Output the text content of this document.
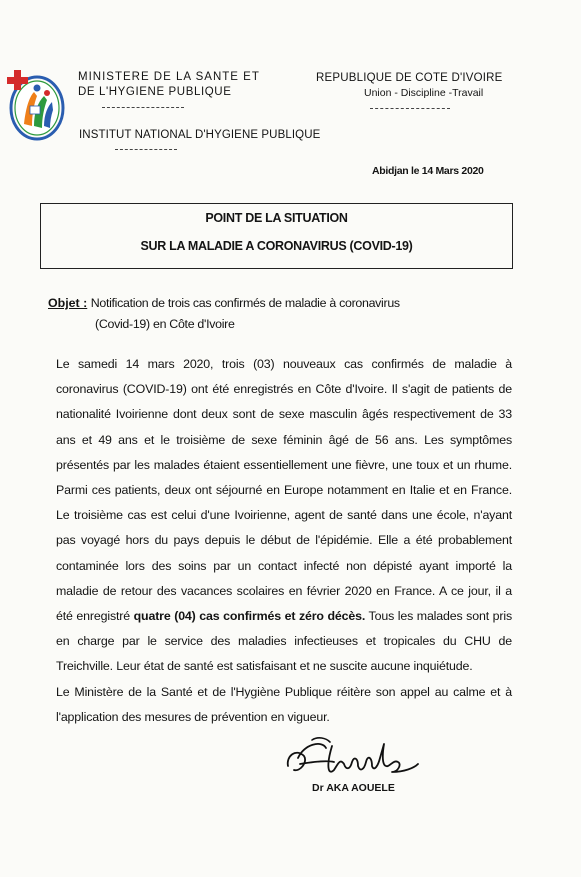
MINISTERE DE LA SANTE ET
DE L'HYGIENE PUBLIQUE
INSTITUT NATIONAL D'HYGIENE PUBLIQUE
REPUBLIQUE DE COTE D'IVOIRE
Union - Discipline -Travail
Abidjan le 14 Mars 2020
POINT DE LA SITUATION
SUR LA MALADIE A CORONAVIRUS (COVID-19)
Objet : Notification de trois cas confirmés de maladie à coronavirus
(Covid-19) en Côte d'Ivoire

Le samedi 14 mars 2020, trois (03) nouveaux cas confirmés de maladie à coronavirus (COVID-19) ont été enregistrés en Côte d'Ivoire. Il s'agit de patients de nationalité Ivoirienne dont deux sont de sexe masculin âgés respectivement de 33 ans et 49 ans et le troisième de sexe féminin âgé de 56 ans. Les symptômes présentés par les malades étaient essentiellement une fièvre, une toux et un rhume. Parmi ces patients, deux ont séjourné en Europe notamment en Italie et en France. Le troisième cas est celui d'une Ivoirienne, agent de santé dans une école, n'ayant pas voyagé hors du pays depuis le début de l'épidémie. Elle a été probablement contaminée lors des soins par un contact infecté non dépisté ayant importé la maladie de retour des vacances scolaires en février 2020 en France. A ce jour, il a été enregistré quatre (04) cas confirmés et zéro décès. Tous les malades sont pris en charge par le service des maladies infectieuses et tropicales du CHU de Treichville. Leur état de santé est satisfaisant et ne suscite aucune inquiétude.

Le Ministère de la Santé et de l'Hygiène Publique réitère son appel au calme et à l'application des mesures de prévention en vigueur.

Dr AKA AOUELE
